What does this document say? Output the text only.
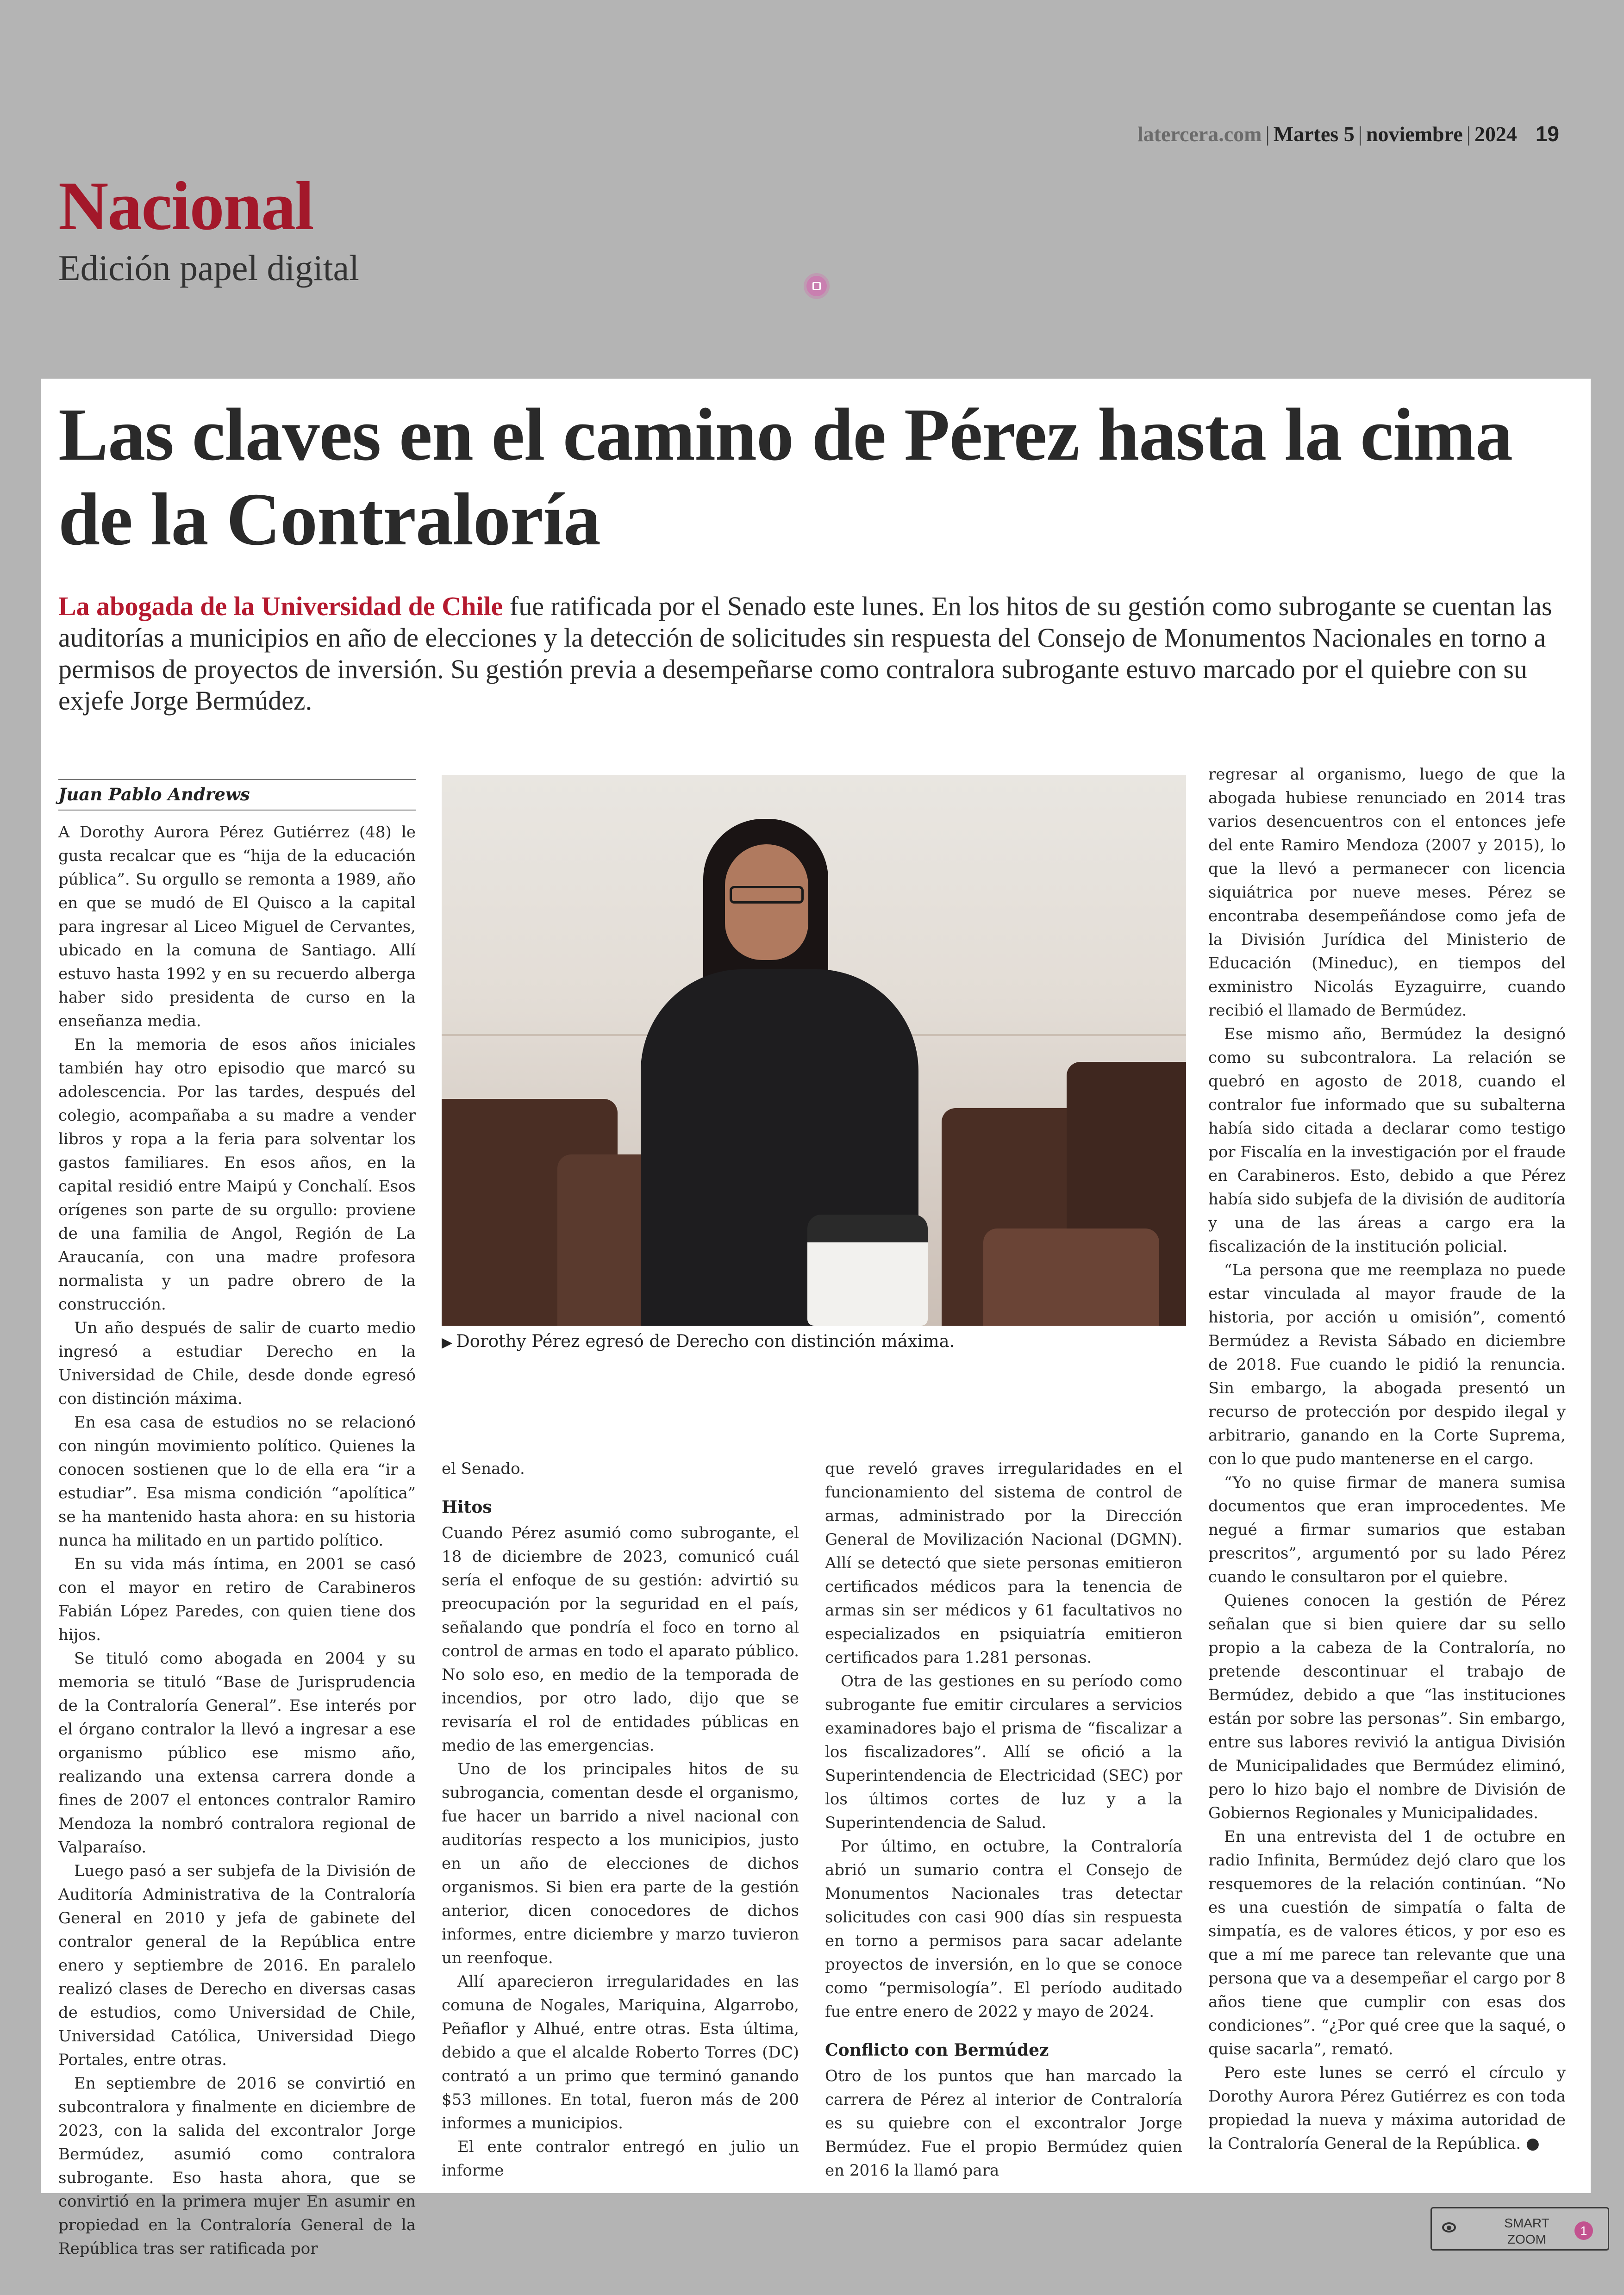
latercera.com | Martes 5 | noviembre | 2024 19
Nacional
Edición papel digital
Las claves en el camino de Pérez hasta la cima de la Contraloría

La abogada de la Universidad de Chile fue ratificada por el Senado este lunes. En los hitos de su gestión como subrogante se cuentan las auditorías a municipios en año de elecciones y la detección de solicitudes sin respuesta del Consejo de Monumentos Nacionales en torno a permisos de proyectos de inversión. Su gestión previa a desempeñarse como contralora subrogante estuvo marcado por el quiebre con su exjefe Jorge Bermúdez.

Juan Pablo Andrews

A Dorothy Aurora Pérez Gutiérrez (48) le gusta recalcar que es “hija de la educación pública”. Su orgullo se remonta a 1989, año en que se mudó de El Quisco a la capital para ingresar al Liceo Miguel de Cervantes, ubicado en la comuna de Santiago. Allí estuvo hasta 1992 y en su recuerdo alberga haber sido presidenta de curso en la enseñanza media.

En la memoria de esos años iniciales también hay otro episodio que marcó su adolescencia. Por las tardes, después del colegio, acompañaba a su madre a vender libros y ropa a la feria para solventar los gastos familiares. En esos años, en la capital residió entre Maipú y Conchalí. Esos orígenes son parte de su orgullo: proviene de una familia de Angol, Región de La Araucanía, con una madre profesora normalista y un padre obrero de la construcción.

Un año después de salir de cuarto medio ingresó a estudiar Derecho en la Universidad de Chile, desde donde egresó con distinción máxima.

En esa casa de estudios no se relacionó con ningún movimiento político. Quienes la conocen sostienen que lo de ella era “ir a estudiar”. Esa misma condición “apolítica” se ha mantenido hasta ahora: en su historia nunca ha militado en un partido político.

En su vida más íntima, en 2001 se casó con el mayor en retiro de Carabineros Fabián López Paredes, con quien tiene dos hijos.

Se tituló como abogada en 2004 y su memoria se tituló “Base de Jurisprudencia de la Contraloría General”. Ese interés por el órgano contralor la llevó a ingresar a ese organismo público ese mismo año, realizando una extensa carrera donde a fines de 2007 el entonces contralor Ramiro Mendoza la nombró contralora regional de Valparaíso.

Luego pasó a ser subjefa de la División de Auditoría Administrativa de la Contraloría General en 2010 y jefa de gabinete del contralor general de la República entre enero y septiembre de 2016. En paralelo realizó clases de Derecho en diversas casas de estudios, como Universidad de Chile, Universidad Católica, Universidad Diego Portales, entre otras.

En septiembre de 2016 se convirtió en subcontralora y finalmente en diciembre de 2023, con la salida del excontralor Jorge Bermúdez, asumió como contralora subrogante. Eso hasta ahora, que se convirtió en la primera mujer En asumir en propiedad en la Contraloría General de la República tras ser ratificada por

▶ Dorothy Pérez egresó de Derecho con distinción máxima.

el Senado.

Hitos

Cuando Pérez asumió como subrogante, el 18 de diciembre de 2023, comunicó cuál sería el enfoque de su gestión: advirtió su preocupación por la seguridad en el país, señalando que pondría el foco en torno al control de armas en todo el aparato público. No solo eso, en medio de la temporada de incendios, por otro lado, dijo que se revisaría el rol de entidades públicas en medio de las emergencias.

Uno de los principales hitos de su subrogancia, comentan desde el organismo, fue hacer un barrido a nivel nacional con auditorías respecto a los municipios, justo en un año de elecciones de dichos organismos. Si bien era parte de la gestión anterior, dicen conocedores de dichos informes, entre diciembre y marzo tuvieron un reenfoque.

Allí aparecieron irregularidades en las comuna de Nogales, Mariquina, Algarrobo, Peñaflor y Alhué, entre otras. Esta última, debido a que el alcalde Roberto Torres (DC) contrató a un primo que terminó ganando $53 millones. En total, fueron más de 200 informes a municipios.

El ente contralor entregó en julio un informe

que reveló graves irregularidades en el funcionamiento del sistema de control de armas, administrado por la Dirección General de Movilización Nacional (DGMN). Allí se detectó que siete personas emitieron certificados médicos para la tenencia de armas sin ser médicos y 61 facultativos no especializados en psiquiatría emitieron certificados para 1.281 personas.

Otra de las gestiones en su período como subrogante fue emitir circulares a servicios examinadores bajo el prisma de “fiscalizar a los fiscalizadores”. Allí se ofició a la Superintendencia de Electricidad (SEC) por los últimos cortes de luz y a la Superintendencia de Salud.

Por último, en octubre, la Contraloría abrió un sumario contra el Consejo de Monumentos Nacionales tras detectar solicitudes con casi 900 días sin respuesta en torno a permisos para sacar adelante proyectos de inversión, en lo que se conoce como “permisología”. El período auditado fue entre enero de 2022 y mayo de 2024.

Conflicto con Bermúdez

Otro de los puntos que han marcado la carrera de Pérez al interior de Contraloría es su quiebre con el excontralor Jorge Bermúdez. Fue el propio Bermúdez quien en 2016 la llamó para

regresar al organismo, luego de que la abogada hubiese renunciado en 2014 tras varios desencuentros con el entonces jefe del ente Ramiro Mendoza (2007 y 2015), lo que la llevó a permanecer con licencia siquiátrica por nueve meses. Pérez se encontraba desempeñándose como jefa de la División Jurídica del Ministerio de Educación (Mineduc), en tiempos del exministro Nicolás Eyzaguirre, cuando recibió el llamado de Bermúdez.

Ese mismo año, Bermúdez la designó como su subcontralora. La relación se quebró en agosto de 2018, cuando el contralor fue informado que su subalterna había sido citada a declarar como testigo por Fiscalía en la investigación por el fraude en Carabineros. Esto, debido a que Pérez había sido subjefa de la división de auditoría y una de las áreas a cargo era la fiscalización de la institución policial.

“La persona que me reemplaza no puede estar vinculada al mayor fraude de la historia, por acción u omisión”, comentó Bermúdez a Revista Sábado en diciembre de 2018. Fue cuando le pidió la renuncia. Sin embargo, la abogada presentó un recurso de protección por despido ilegal y arbitrario, ganando en la Corte Suprema, con lo que pudo mantenerse en el cargo.

“Yo no quise firmar de manera sumisa documentos que eran improcedentes. Me negué a firmar sumarios que estaban prescritos”, argumentó por su lado Pérez cuando le consultaron por el quiebre.

Quienes conocen la gestión de Pérez señalan que si bien quiere dar su sello propio a la cabeza de la Contraloría, no pretende descontinuar el trabajo de Bermúdez, debido a que “las instituciones están por sobre las personas”. Sin embargo, entre sus labores revivió la antigua División de Municipalidades que Bermúdez eliminó, pero lo hizo bajo el nombre de División de Gobiernos Regionales y Municipalidades.

En una entrevista del 1 de octubre en radio Infinita, Bermúdez dejó claro que los resquemores de la relación continúan. “No es una cuestión de simpatía o falta de simpatía, es de valores éticos, y por eso es que a mí me parece tan relevante que una persona que va a desempeñar el cargo por 8 años tiene que cumplir con esas dos condiciones”. “¿Por qué cree que la saqué, o quise sacarla”, remató.

Pero este lunes se cerró el círculo y Dorothy Aurora Pérez Gutiérrez es con toda propiedad la nueva y máxima autoridad de la Contraloría General de la República. ●

SMART ZOOM
1
